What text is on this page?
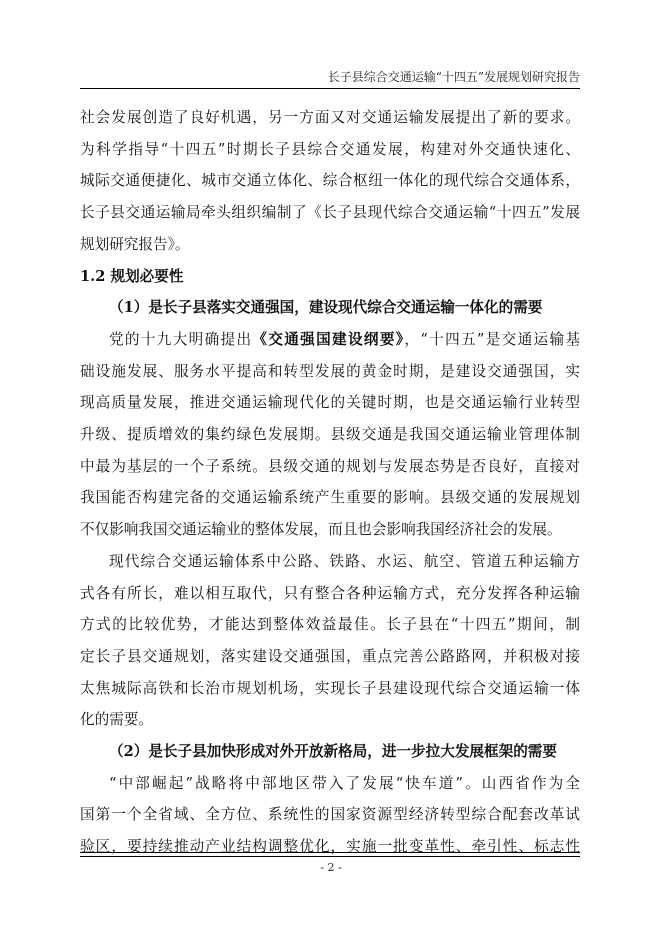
长子县综合交通运输“十四五”发展规划研究报告

社会发展创造了良好机遇，另一方面又对交通运输发展提出了新的要求。

为科学指导“十四五”时期长子县综合交通发展，构建对外交通快速化、

城际交通便捷化、城市交通立体化、综合枢纽一体化的现代综合交通体系，

长子县交通运输局牵头组织编制了《长子县现代综合交通运输“十四五”发展

规划研究报告》。

1.2 规划必要性

（1）是长子县落实交通强国，建设现代综合交通运输一体化的需要

党的十九大明确提出《交通强国建设纲要》，“十四五”是交通运输基

础设施发展、服务水平提高和转型发展的黄金时期，是建设交通强国，实

现高质量发展，推进交通运输现代化的关键时期，也是交通运输行业转型

升级、提质增效的集约绿色发展期。县级交通是我国交通运输业管理体制

中最为基层的一个子系统。县级交通的规划与发展态势是否良好，直接对

我国能否构建完备的交通运输系统产生重要的影响。县级交通的发展规划

不仅影响我国交通运输业的整体发展，而且也会影响我国经济社会的发展。

现代综合交通运输体系中公路、铁路、水运、航空、管道五种运输方

式各有所长，难以相互取代，只有整合各种运输方式，充分发挥各种运输

方式的比较优势，才能达到整体效益最佳。长子县在“十四五”期间，制

定长子县交通规划，落实建设交通强国，重点完善公路路网，并积极对接

太焦城际高铁和长治市规划机场，实现长子县建设现代综合交通运输一体

化的需要。

（2）是长子县加快形成对外开放新格局，进一步拉大发展框架的需要

“中部崛起”战略将中部地区带入了发展“快车道”。山西省作为全

国第一个全省域、全方位、系统性的国家资源型经济转型综合配套改革试

验区，要持续推动产业结构调整优化，实施一批变革性、牵引性、标志性

- 2 -
